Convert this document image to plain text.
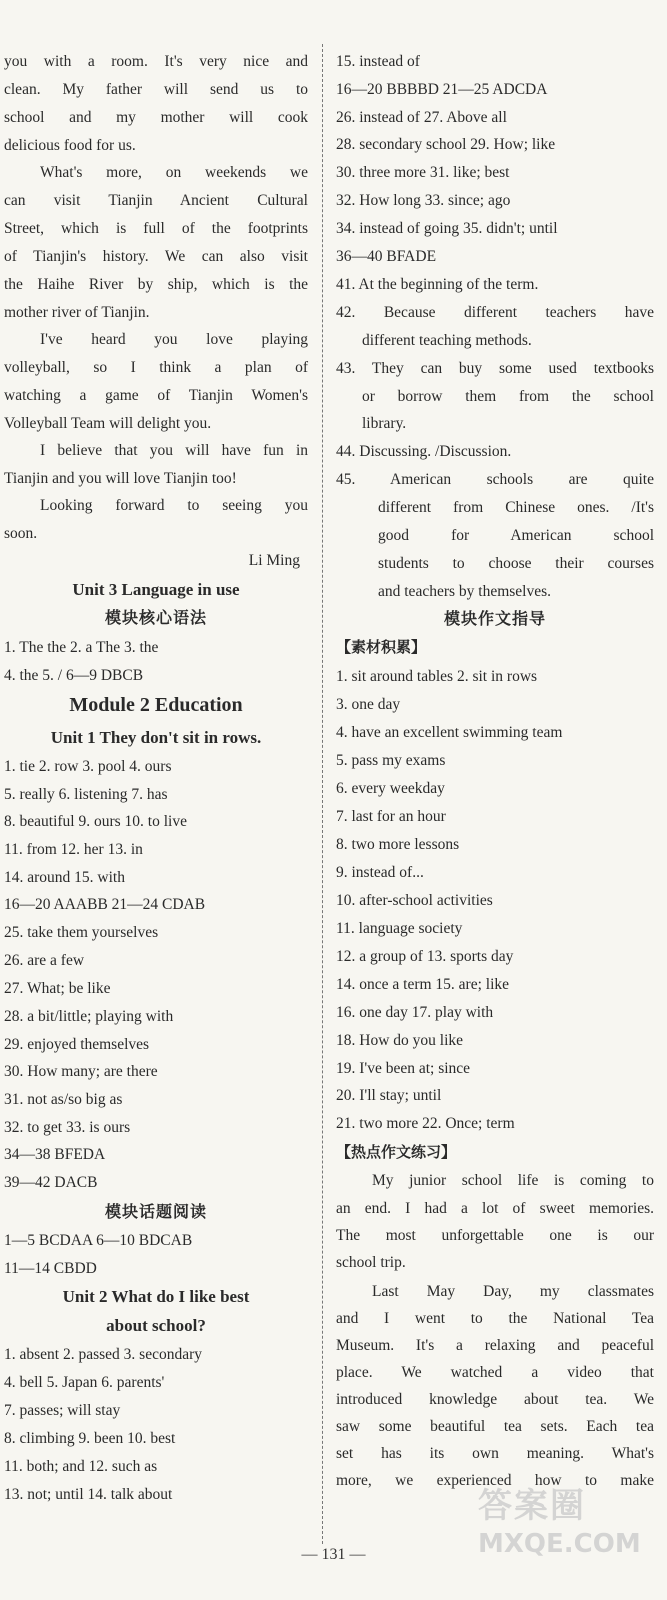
you with a room. It's very nice and
clean. My father will send us to
school and my mother will cook
delicious food for us.
What's more, on weekends we
can visit Tianjin Ancient Cultural
Street, which is full of the footprints
of Tianjin's history. We can also visit
the Haihe River by ship, which is the
mother river of Tianjin.
I've heard you love playing
volleyball, so I think a plan of
watching a game of Tianjin Women's
Volleyball Team will delight you.
I believe that you will have fun in
Tianjin and you will love Tianjin too!
Looking forward to seeing you
soon.
Li Ming
Unit 3 Language in use
模块核心语法
1. The the 2. a The 3. the
4. the 5. / 6—9 DBCB
Module 2 Education
Unit 1 They don't sit in rows.
1. tie 2. row 3. pool 4. ours
5. really 6. listening 7. has
8. beautiful 9. ours 10. to live
11. from 12. her 13. in
14. around 15. with
16—20 AAABB 21—24 CDAB
25. take them yourselves
26. are a few
27. What; be like
28. a bit/little; playing with
29. enjoyed themselves
30. How many; are there
31. not as/so big as
32. to get 33. is ours
34—38 BFEDA
39—42 DACB
模块话题阅读
1—5 BCDAA 6—10 BDCAB
11—14 CBDD
Unit 2 What do I like best
about school?
1. absent 2. passed 3. secondary
4. bell 5. Japan 6. parents'
7. passes; will stay
8. climbing 9. been 10. best
11. both; and 12. such as
13. not; until 14. talk about
15. instead of
16—20 BBBBD 21—25 ADCDA
26. instead of 27. Above all
28. secondary school 29. How; like
30. three more 31. like; best
32. How long 33. since; ago
34. instead of going 35. didn't; until
36—40 BFADE
41. At the beginning of the term.
42. Because different teachers have
different teaching methods.
43. They can buy some used textbooks
or borrow them from the school
library.
44. Discussing. /Discussion.
45. American schools are quite
different from Chinese ones. /It's
good for American school
students to choose their courses
and teachers by themselves.
模块作文指导
【素材积累】
1. sit around tables 2. sit in rows
3. one day
4. have an excellent swimming team
5. pass my exams
6. every weekday
7. last for an hour
8. two more lessons
9. instead of...
10. after-school activities
11. language society
12. a group of 13. sports day
14. once a term 15. are; like
16. one day 17. play with
18. How do you like
19. I've been at; since
20. I'll stay; until
21. two more 22. Once; term
【热点作文练习】
My junior school life is coming to
an end. I had a lot of sweet memories.
The most unforgettable one is our
school trip.
Last May Day, my classmates
and I went to the National Tea
Museum. It's a relaxing and peaceful
place. We watched a video that
introduced knowledge about tea. We
saw some beautiful tea sets. Each tea
set has its own meaning. What's
more, we experienced how to make
— 131 —
答案圈
MXQE.COM
